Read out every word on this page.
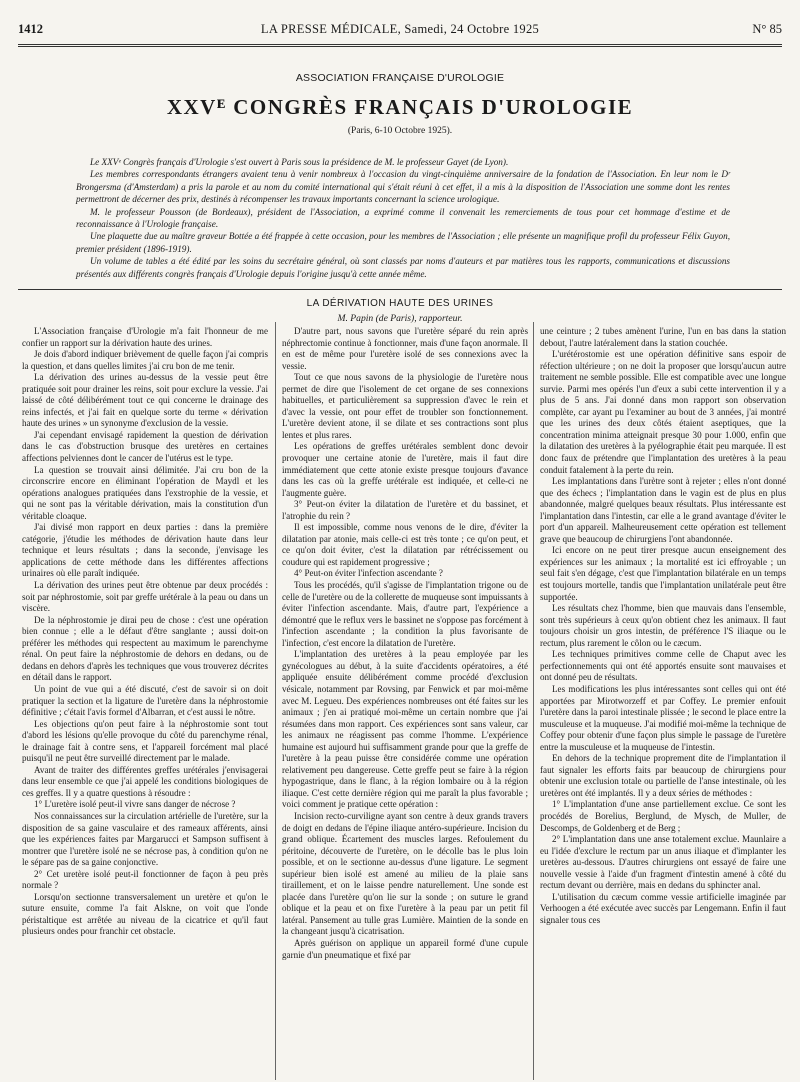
1412	LA PRESSE MÉDICALE, Samedi, 24 Octobre 1925	N° 85
ASSOCIATION FRANÇAISE D'UROLOGIE
XXVᴱ CONGRÈS FRANÇAIS D'UROLOGIE
(Paris, 6-10 Octobre 1925).

Le XXVᵉ Congrès français d'Urologie s'est ouvert à Paris sous la présidence de M. le professeur Gayet (de Lyon).

Les membres correspondants étrangers avaient tenu à venir nombreux à l'occasion du vingt-cinquième anniversaire de la fondation de l'Association. En leur nom le Dʳ Brongersma (d'Amsterdam) a pris la parole et au nom du comité international qui s'était réuni à cet effet, il a mis à la disposition de l'Association une somme dont les rentes permettront de décerner des prix, destinés à récompenser les travaux importants concernant la science urologique.

M. le professeur Pousson (de Bordeaux), président de l'Association, a exprimé comme il convenait les remerciements de tous pour cet hommage d'estime et de reconnaissance à l'Urologie française.

Une plaquette due au maître graveur Bottée a été frappée à cette occasion, pour les membres de l'Association ; elle présente un magnifique profil du professeur Félix Guyon, premier président (1896-1919).

Un volume de tables a été édité par les soins du secrétaire général, où sont classés par noms d'auteurs et par matières tous les rapports, communications et discussions présentés aux différents congrès français d'Urologie depuis l'origine jusqu'à cette année même.

LA DÉRIVATION HAUTE DES URINES
M. Papin (de Paris), rapporteur.

L'Association française d'Urologie m'a fait l'honneur de me confier un rapport sur la dérivation haute des urines.

Je dois d'abord indiquer brièvement de quelle façon j'ai compris la question, et dans quelles limites j'ai cru bon de me tenir.

La dérivation des urines au-dessus de la vessie peut être pratiquée soit pour drainer les reins, soit pour exclure la vessie. J'ai laissé de côté délibérément tout ce qui concerne le drainage des reins infectés, et j'ai fait en quelque sorte du terme « dérivation haute des urines » un synonyme d'exclusion de la vessie.

J'ai cependant envisagé rapidement la question de dérivation dans le cas d'obstruction brusque des uretères en certaines affections pelviennes dont le cancer de l'utérus est le type.

La question se trouvait ainsi délimitée. J'ai cru bon de la circonscrire encore en éliminant l'opération de Maydl et les opérations analogues pratiquées dans l'exstrophie de la vessie, et qui ne sont pas la véritable dérivation, mais la constitution d'un véritable cloaque.

J'ai divisé mon rapport en deux parties : dans la première catégorie, j'étudie les méthodes de dérivation haute dans leur technique et leurs résultats ; dans la seconde, j'envisage les applications de cette méthode dans les différentes affections urinaires où elle paraît indiquée.

La dérivation des urines peut être obtenue par deux procédés : soit par néphrostomie, soit par greffe urétérale à la peau ou dans un viscère.

De la néphrostomie je dirai peu de chose : c'est une opération bien connue ; elle a le défaut d'être sanglante ; aussi doit-on préférer les méthodes qui respectent au maximum le parenchyme rénal. On peut faire la néphrostomie de dehors en dedans, ou de dedans en dehors d'après les techniques que vous trouverez décrites en détail dans le rapport.

Un point de vue qui a été discuté, c'est de savoir si on doit pratiquer la section et la ligature de l'uretère dans la néphrostomie définitive ; c'était l'avis formel d'Albarran, et c'est aussi le nôtre.

Les objections qu'on peut faire à la néphrostomie sont tout d'abord les lésions qu'elle provoque du côté du parenchyme rénal, le drainage fait à contre sens, et l'appareil forcément mal placé puisqu'il ne peut être surveillé directement par le malade.

Avant de traiter des différentes greffes urétérales j'envisagerai dans leur ensemble ce que j'ai appelé les conditions biologiques de ces greffes. Il y a quatre questions à résoudre :

1° L'uretère isolé peut-il vivre sans danger de nécrose ?

Nos connaissances sur la circulation artérielle de l'uretère, sur la disposition de sa gaine vasculaire et des rameaux afférents, ainsi que les expériences faites par Margarucci et Sampson suffisent à montrer que l'uretère isolé ne se nécrose pas, à condition qu'on ne le sépare pas de sa gaine conjonctive.

2° Cet uretère isolé peut-il fonctionner de façon à peu près normale ?

Lorsqu'on sectionne transversalement un uretère et qu'on le suture ensuite, comme l'a fait Alskne, on voit que l'onde péristaltique est arrêtée au niveau de la cicatrice et qu'il faut plusieurs ondes pour franchir cet obstacle.

D'autre part, nous savons que l'uretère séparé du rein après néphrectomie continue à fonctionner, mais d'une façon anormale. Il en est de même pour l'uretère isolé de ses connexions avec la vessie.

Tout ce que nous savons de la physiologie de l'uretère nous permet de dire que l'isolement de cet organe de ses connexions habituelles, et particulièrement sa suppression d'avec le rein et d'avec la vessie, ont pour effet de troubler son fonctionnement. L'uretère devient atone, il se dilate et ses contractions sont plus lentes et plus rares.

Les opérations de greffes urétérales semblent donc devoir provoquer une certaine atonie de l'uretère, mais il faut dire immédiatement que cette atonie existe presque toujours d'avance dans les cas où la greffe urétérale est indiquée, et celle-ci ne l'augmente guère.

3° Peut-on éviter la dilatation de l'uretère et du bassinet, et l'atrophie du rein ?

Il est impossible, comme nous venons de le dire, d'éviter la dilatation par atonie, mais celle-ci est très tonte ; ce qu'on peut, et ce qu'on doit éviter, c'est la dilatation par rétrécissement ou coudure qui est rapidement progressive ;

4° Peut-on éviter l'infection ascendante ?

Tous les procédés, qu'il s'agisse de l'implantation trigone ou de celle de l'uretère ou de la collerette de muqueuse sont impuissants à éviter l'infection ascendante. Mais, d'autre part, l'expérience a démontré que le reflux vers le bassinet ne s'oppose pas forcément à l'infection ascendante ; la condition la plus favorisante de l'infection, c'est encore la dilatation de l'uretère.

L'implantation des uretères à la peau employée par les gynécologues au début, à la suite d'accidents opératoires, a été appliquée ensuite délibérément comme procédé d'exclusion vésicale, notamment par Rovsing, par Fenwick et par moi-même avec M. Legueu. Des expériences nombreuses ont été faites sur les animaux ; j'en ai pratiqué moi-même un certain nombre que j'ai résumées dans mon rapport. Ces expériences sont sans valeur, car les animaux ne réagissent pas comme l'homme. L'expérience humaine est aujourd hui suffisamment grande pour que la greffe de l'uretère à la peau puisse être considérée comme une opération relativement peu dangereuse. Cette greffe peut se faire à la région hypogastrique, dans le flanc, à la région lombaire ou à la région iliaque. C'est cette dernière région qui me paraît la plus favorable ; voici comment je pratique cette opération :

Incision recto-curviligne ayant son centre à deux grands travers de doigt en dedans de l'épine iliaque antéro-supérieure. Incision du grand oblique. Écartement des muscles larges. Refoulement du péritoine, découverte de l'uretère, on le décolle bas le plus loin possible, et on le sectionne au-dessus d'une ligature. Le segment supérieur bien isolé est amené au milieu de la plaie sans tiraillement, et on le laisse pendre naturellement. Une sonde est placée dans l'uretère qu'on lie sur la sonde ; on suture le grand oblique et la peau et on fixe l'uretère à la peau par un petit fil latéral. Pansement au tulle gras Lumière. Maintien de la sonde en la changeant jusqu'à cicatrisation.

Après guérison on applique un appareil formé d'une cupule garnie d'un pneumatique et fixé par

une ceinture ; 2 tubes amènent l'urine, l'un en bas dans la station debout, l'autre latéralement dans la station couchée.

L'urétérostomie est une opération définitive sans espoir de réfection ultérieure ; on ne doit la proposer que lorsqu'aucun autre traitement ne semble possible. Elle est compatible avec une longue survie. Parmi mes opérés l'un d'eux a subi cette intervention il y a plus de 5 ans. J'ai donné dans mon rapport son observation complète, car ayant pu l'examiner au bout de 3 années, j'ai montré que les urines des deux côtés étaient aseptiques, que la concentration minima atteignait presque 30 pour 1.000, enfin que la dilatation des uretères à la pyélographie était peu marquée. Il est donc faux de prétendre que l'implantation des uretères à la peau conduit fatalement à la perte du rein.

Les implantations dans l'urètre sont à rejeter ; elles n'ont donné que des échecs ; l'implantation dans le vagin est de plus en plus abandonnée, malgré quelques beaux résultats. Plus intéressante est l'implantation dans l'intestin, car elle a le grand avantage d'éviter le port d'un appareil. Malheureusement cette opération est tellement grave que beaucoup de chirurgiens l'ont abandonnée.

Ici encore on ne peut tirer presque aucun enseignement des expériences sur les animaux ; la mortalité est ici effroyable ; un seul fait s'en dégage, c'est que l'implantation bilatérale en un temps est toujours mortelle, tandis que l'implantation unilatérale peut être supportée.

Les résultats chez l'homme, bien que mauvais dans l'ensemble, sont très supérieurs à ceux qu'on obtient chez les animaux. Il faut toujours choisir un gros intestin, de préférence l'S iliaque ou le rectum, plus rarement le côlon ou le cæcum.

Les techniques primitives comme celle de Chaput avec les perfectionnements qui ont été apportés ensuite sont mauvaises et ont donné peu de résultats.

Les modifications les plus intéressantes sont celles qui ont été apportées par Mirotworzeff et par Coffey. Le premier enfouit l'uretère dans la paroi intestinale plissée ; le second le place entre la musculeuse et la muqueuse. J'ai modifié moi-même la technique de Coffey pour obtenir d'une façon plus simple le passage de l'uretère entre la musculeuse et la muqueuse de l'intestin.

En dehors de la technique proprement dite de l'implantation il faut signaler les efforts faits par beaucoup de chirurgiens pour obtenir une exclusion totale ou partielle de l'anse intestinale, où les uretères ont été implantés. Il y a deux séries de méthodes :

1° L'implantation d'une anse partiellement exclue. Ce sont les procédés de Borelius, Berglund, de Mysch, de Muller, de Descomps, de Goldenberg et de Berg ;

2° L'implantation dans une anse totalement exclue. Maunlaire a eu l'idée d'exclure le rectum par un anus iliaque et d'implanter les uretères au-dessous. D'autres chirurgiens ont essayé de faire une nouvelle vessie à l'aide d'un fragment d'intestin amené à côté du rectum devant ou derrière, mais en dedans du sphincter anal.

L'utilisation du cæcum comme vessie artificielle imaginée par Verhoogen a été exécutée avec succès par Lengemann. Enfin il faut signaler tous ces
